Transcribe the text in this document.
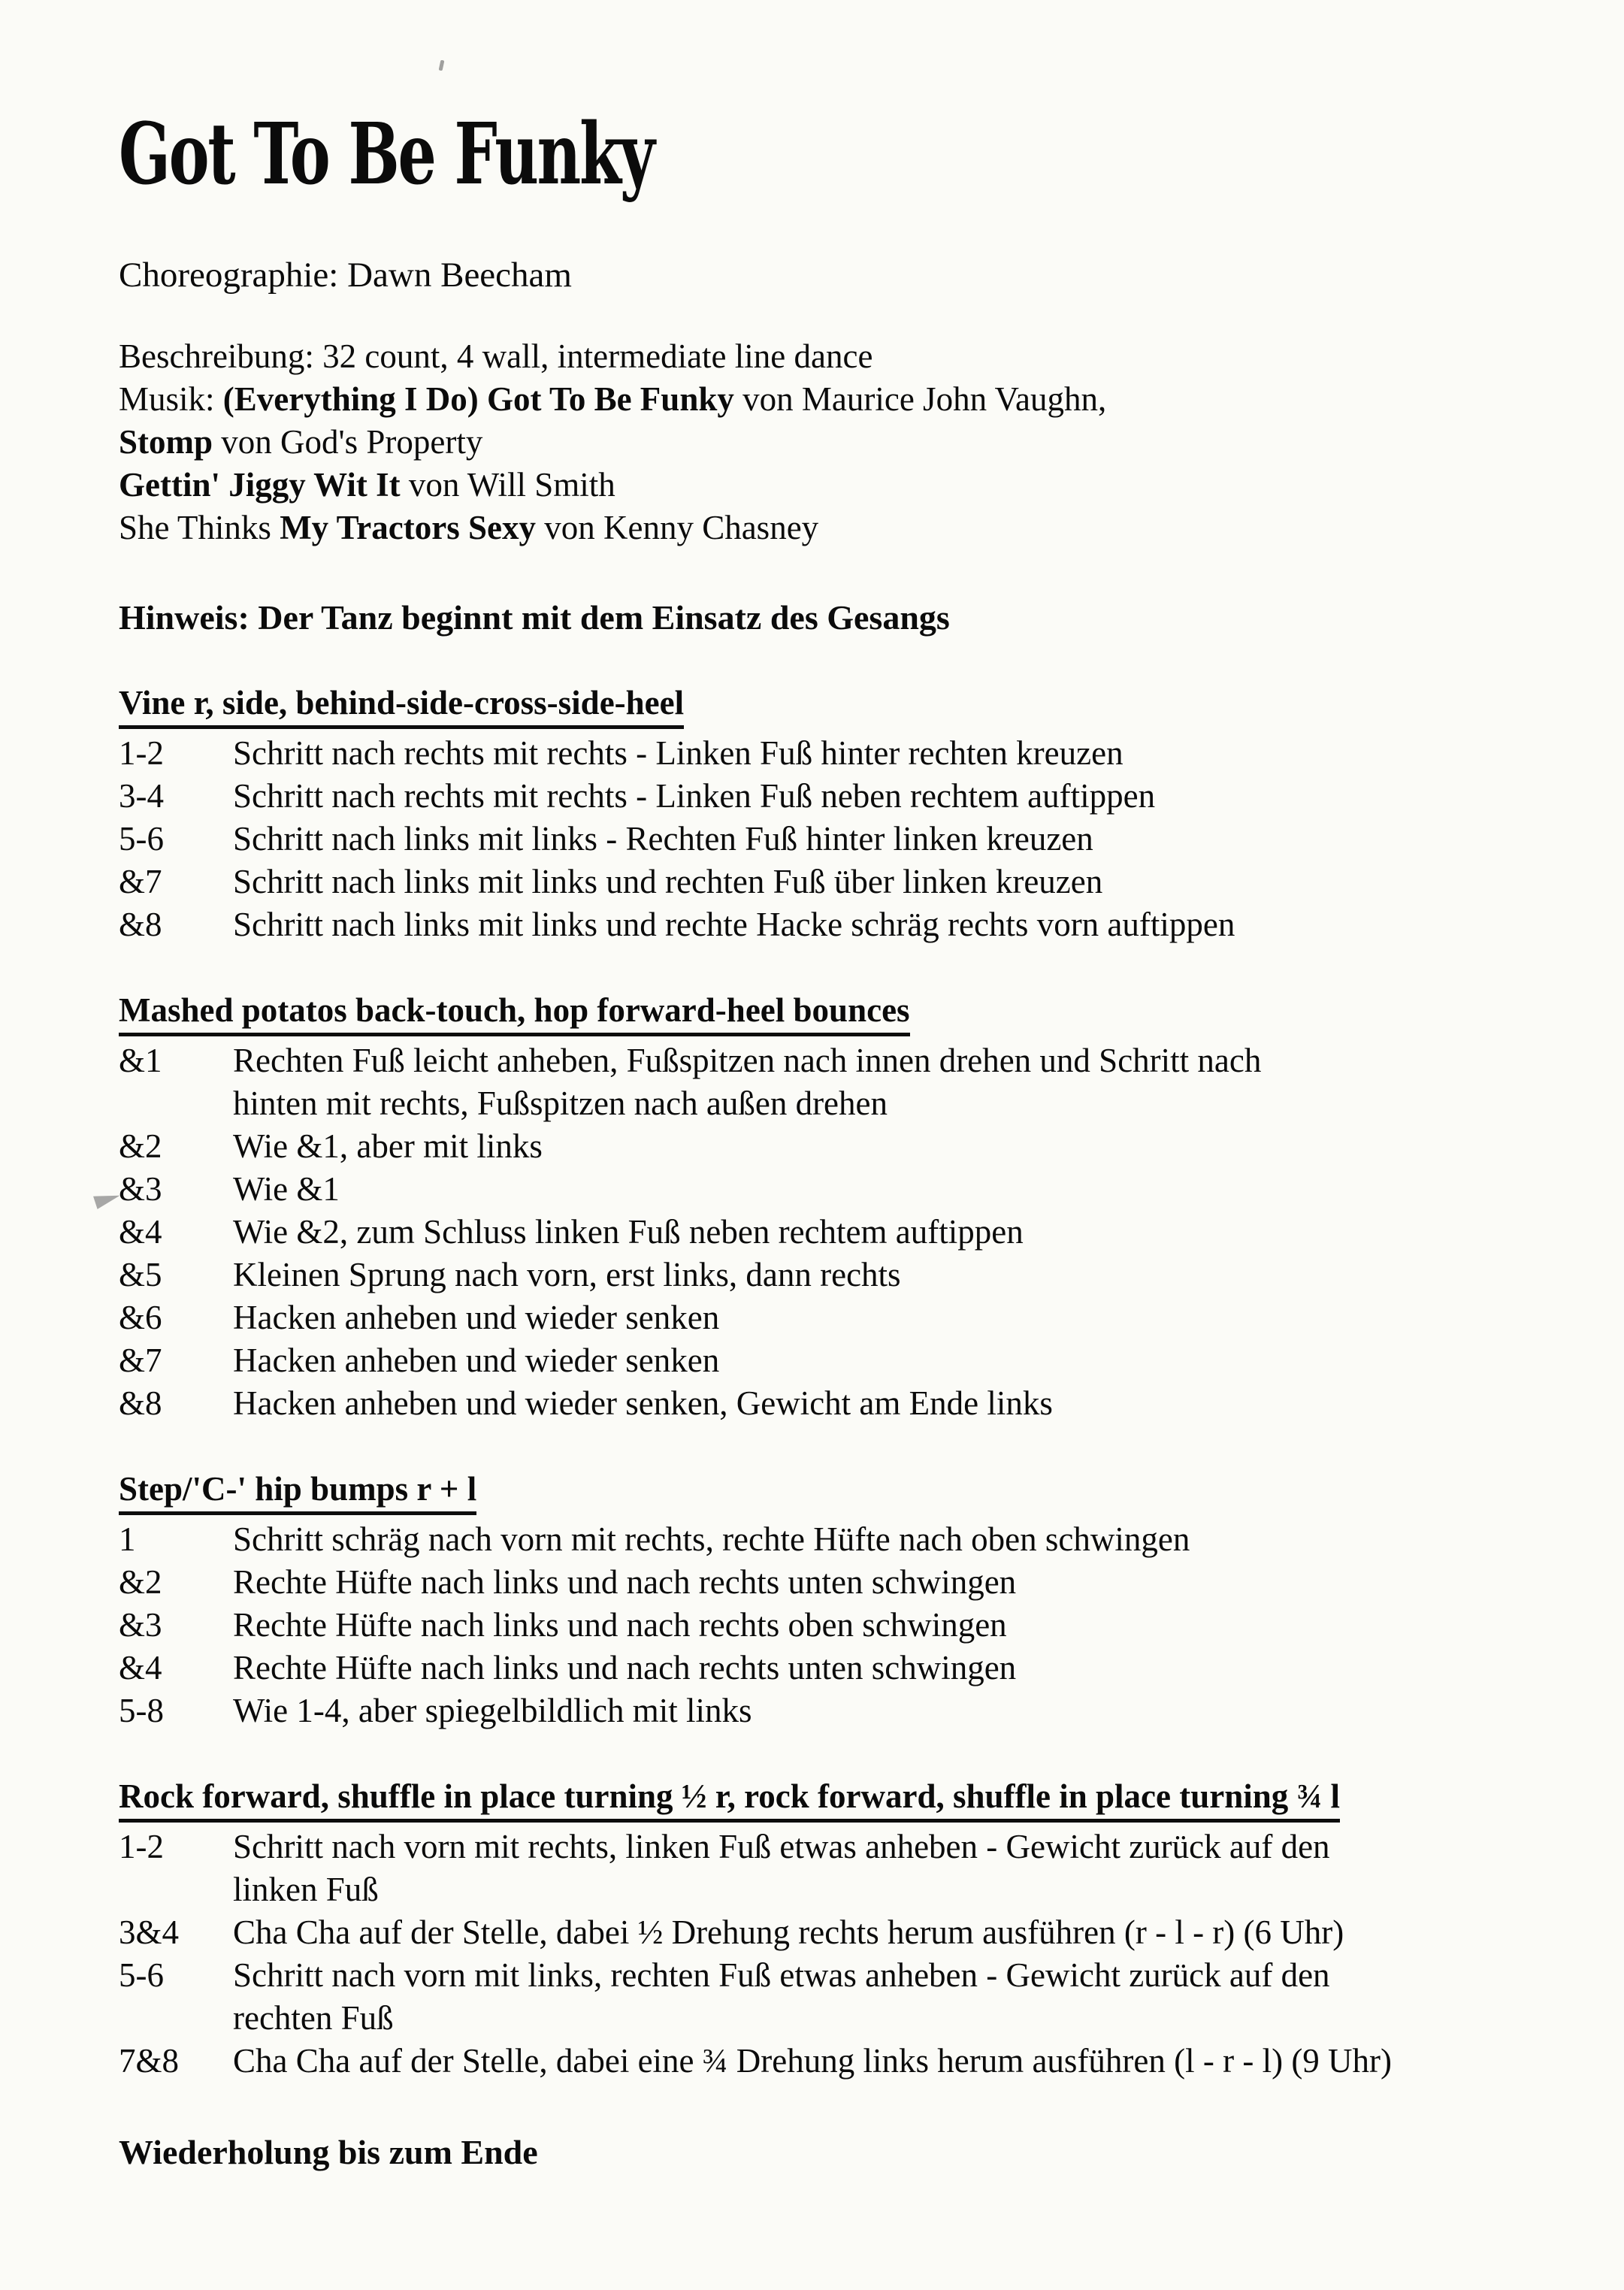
Got To Be Funky

Choreographie: Dawn Beecham

Beschreibung: 32 count, 4 wall, intermediate line dance

Musik: (Everything I Do) Got To Be Funky von Maurice John Vaughn,

Stomp von God's Property

Gettin' Jiggy Wit It von Will Smith

She Thinks My Tractors Sexy von Kenny Chasney

Hinweis: Der Tanz beginnt mit dem Einsatz des Gesangs

Vine r, side, behind-side-cross-side-heel
1-2	Schritt nach rechts mit rechts - Linken Fuß hinter rechten kreuzen
3-4	Schritt nach rechts mit rechts - Linken Fuß neben rechtem auftippen
5-6	Schritt nach links mit links - Rechten Fuß hinter linken kreuzen
&7	Schritt nach links mit links und rechten Fuß über linken kreuzen
&8	Schritt nach links mit links und rechte Hacke schräg rechts vorn auftippen
Mashed potatos back-touch, hop forward-heel bounces
&1	Rechten Fuß leicht anheben, Fußspitzen nach innen drehen und Schritt nach
hinten mit rechts, Fußspitzen nach außen drehen
&2	Wie &1, aber mit links
&3	Wie &1
&4	Wie &2, zum Schluss linken Fuß neben rechtem auftippen
&5	Kleinen Sprung nach vorn, erst links, dann rechts
&6	Hacken anheben und wieder senken
&7	Hacken anheben und wieder senken
&8	Hacken anheben und wieder senken, Gewicht am Ende links
Step/'C-' hip bumps r + l
1	Schritt schräg nach vorn mit rechts, rechte Hüfte nach oben schwingen
&2	Rechte Hüfte nach links und nach rechts unten schwingen
&3	Rechte Hüfte nach links und nach rechts oben schwingen
&4	Rechte Hüfte nach links und nach rechts unten schwingen
5-8	Wie 1-4, aber spiegelbildlich mit links
Rock forward, shuffle in place turning ½ r, rock forward, shuffle in place turning ¾ l
1-2	Schritt nach vorn mit rechts, linken Fuß etwas anheben - Gewicht zurück auf den
linken Fuß
3&4	Cha Cha auf der Stelle, dabei ½ Drehung rechts herum ausführen (r - l - r) (6 Uhr)
5-6	Schritt nach vorn mit links, rechten Fuß etwas anheben - Gewicht zurück auf den
rechten Fuß
7&8	Cha Cha auf der Stelle, dabei eine ¾ Drehung links herum ausführen (l - r - l) (9 Uhr)

Wiederholung bis zum Ende
